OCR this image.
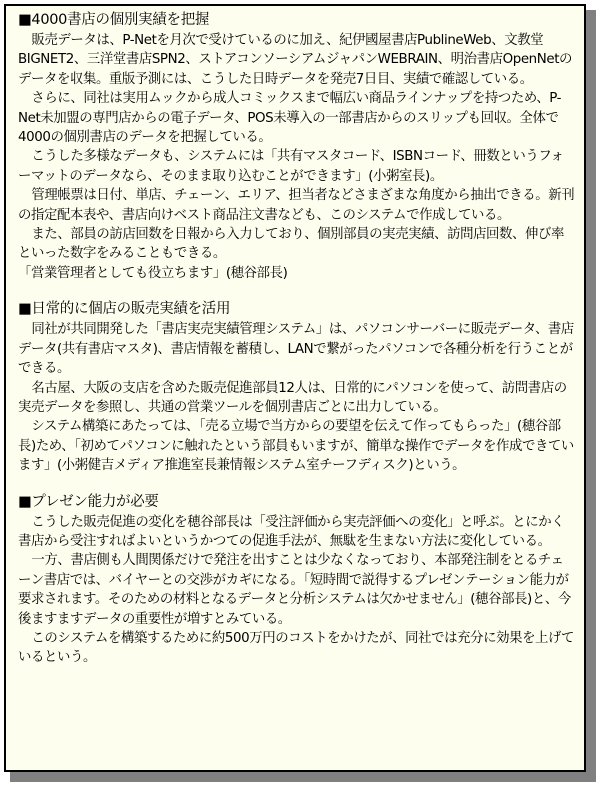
■4000書店の個別実績を把握

販売データは、P-Netを月次で受けているのに加え、紀伊國屋書店PublineWeb、文教堂BIGNET2、三洋堂書店SPN2、ストアコンソーシアムジャパンWEBRAIN、明治書店OpenNetのデータを収集。重版予測には、こうした日時データを発売7日目、実績で確認している。

さらに、同社は実用ムックから成人コミックスまで幅広い商品ラインナップを持つため、P-Net未加盟の専門店からの電子データ、POS未導入の一部書店からのスリップも回収。全体で4000の個別書店のデータを把握している。

こうした多様なデータも、システムには「共有マスタコード、ISBNコード、冊数というフォーマットのデータなら、そのまま取り込むことができます」(小粥室長)。

管理帳票は日付、単店、チェーン、エリア、担当者などさまざまな角度から抽出できる。新刊の指定配本表や、書店向けベスト商品注文書なども、このシステムで作成している。

また、部員の訪店回数を日報から入力しており、個別部員の実売実績、訪問店回数、伸び率といった数字をみることもできる。

「営業管理者としても役立ちます」(穂谷部長)

■日常的に個店の販売実績を活用

同社が共同開発した「書店実売実績管理システム」は、パソコンサーバーに販売データ、書店データ(共有書店マスタ)、書店情報を蓄積し、LANで繋がったパソコンで各種分析を行うことができる。

名古屋、大阪の支店を含めた販売促進部員12人は、日常的にパソコンを使って、訪問書店の実売データを参照し、共通の営業ツールを個別書店ごとに出力している。

システム構築にあたっては、「売る立場で当方からの要望を伝えて作ってもらった」(穂谷部長)ため、「初めてパソコンに触れたという部員もいますが、簡単な操作でデータを作成できています」(小粥健吉メディア推進室長兼情報システム室チーフディスク)という。

■プレゼン能力が必要

こうした販売促進の変化を穂谷部長は「受注評価から実売評価への変化」と呼ぶ。とにかく書店から受注すればよいというかつての促進手法が、無駄を生まない方法に変化している。

一方、書店側も人間関係だけで発注を出すことは少なくなっており、本部発注制をとるチェーン書店では、バイヤーとの交渉がカギになる。「短時間で説得するプレゼンテーション能力が要求されます。そのための材料となるデータと分析システムは欠かせません」(穂谷部長)と、今後ますますデータの重要性が増すとみている。

このシステムを構築するために約500万円のコストをかけたが、同社では充分に効果を上げているという。
